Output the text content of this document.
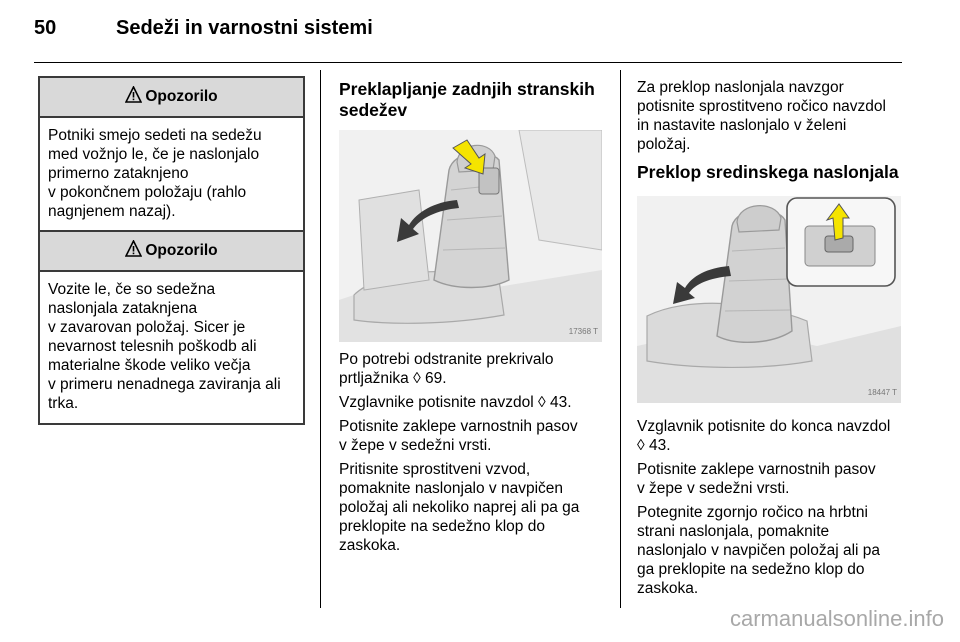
50	Sedeži in varnostni sistemi
Opozorilo

Potniki smejo sedeti na sedežu

med vožnjo le, če je naslonjalo

primerno zataknjeno

v pokončnem položaju (rahlo

nagnjenem nazaj).

Opozorilo

Vozite le, če so sedežna

naslonjala zataknjena

v zavarovan položaj. Sicer je

nevarnost telesnih poškodb ali

materialne škode veliko večja

v primeru nenadnega zaviranja ali

trka.

Preklapljanje zadnjih stranskih
sedežev
17368 T

Po potrebi odstranite prekrivalo
prtljažnika ◊ 69.

Vzglavnike potisnite navzdol ◊ 43.

Potisnite zaklepe varnostnih pasov
v žepe v sedežni vrsti.

Pritisnite sprostitveni vzvod,
pomaknite naslonjalo v navpičen
položaj ali nekoliko naprej ali pa ga
preklopite na sedežno klop do
zaskoka.

Za preklop naslonjala navzgor
potisnite sprostitveno ročico navzdol
in nastavite naslonjalo v želeni
položaj.
Preklop sredinskega naslonjala
18447 T

Vzglavnik potisnite do konca navzdol
◊ 43.

Potisnite zaklepe varnostnih pasov
v žepe v sedežni vrsti.

Potegnite zgornjo ročico na hrbtni
strani naslonjala, pomaknite
naslonjalo v navpičen položaj ali pa
ga preklopite na sedežno klop do
zaskoka.

carmanualsonline.info
